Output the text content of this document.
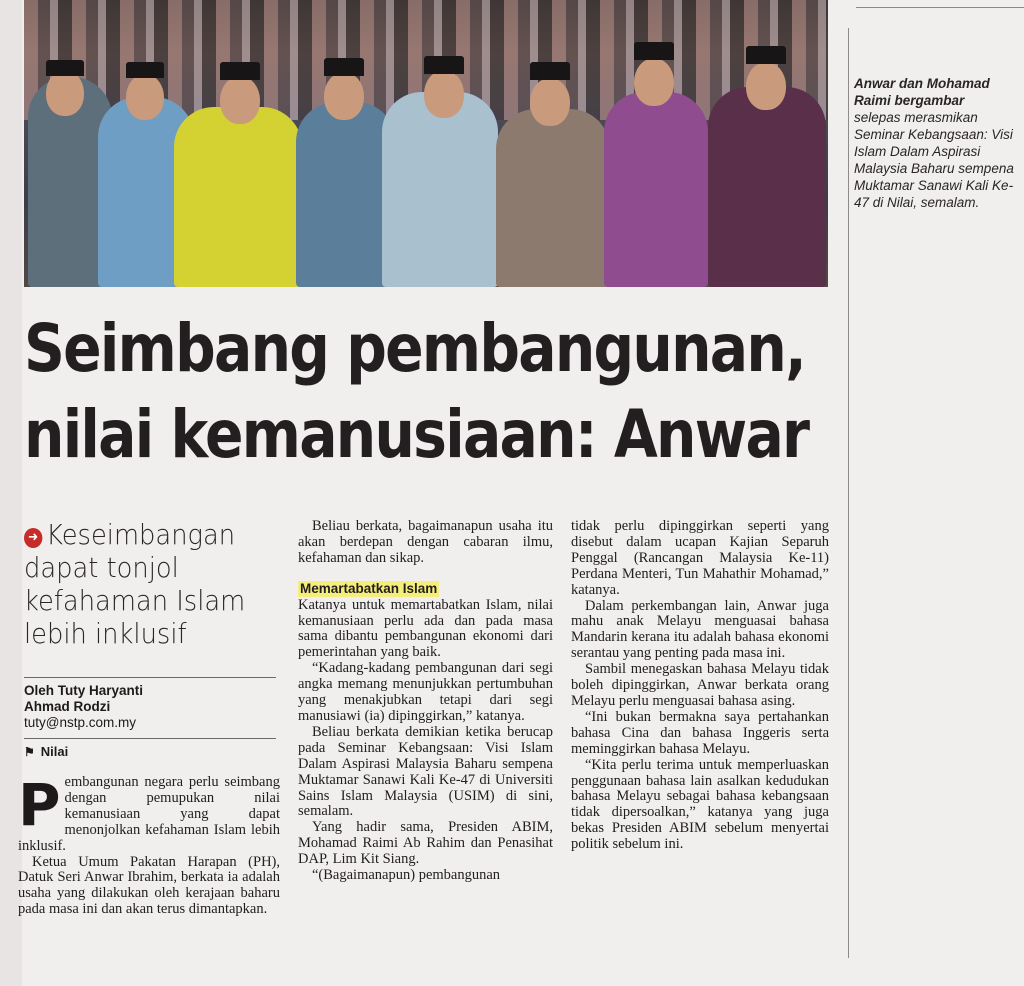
Anwar dan Mohamad Raimi bergambar
selepas merasmikan Seminar Kebangsaan: Visi Islam Dalam Aspirasi Malaysia Baharu sempena Muktamar Sanawi Kali Ke-47 di Nilai, semalam.
Seimbang pembangunan,
nilai kemanusiaan: Anwar
➜ Keseimbangan
dapat tonjol
kefahaman Islam
lebih inklusif
Oleh Tuty Haryanti
Ahmad Rodzi
tuty@nstp.com.my
⚑ Nilai

Pembangunan negara perlu seimbang dengan pemupukan nilai kemanusiaan yang dapat menonjolkan kefahaman Islam lebih inklusif.

Ketua Umum Pakatan Harapan (PH), Datuk Seri Anwar Ibrahim, berkata ia adalah usaha yang dilakukan oleh kerajaan baharu pada masa ini dan akan terus dimantapkan.

Beliau berkata, bagaimanapun usaha itu akan berdepan dengan cabaran ilmu, kefahaman dan sikap.

Memartabatkan Islam

Katanya untuk memartabatkan Islam, nilai kemanusiaan perlu ada dan pada masa sama dibantu pembangunan ekonomi dari pemerintahan yang baik.

“Kadang-kadang pembangunan dari segi angka memang menunjukkan pertumbuhan yang menakjubkan tetapi dari segi manusiawi (ia) dipinggirkan,” katanya.

Beliau berkata demikian ketika berucap pada Seminar Kebangsaan: Visi Islam Dalam Aspirasi Malaysia Baharu sempena Muktamar Sanawi Kali Ke-47 di Universiti Sains Islam Malaysia (USIM) di sini, semalam.

Yang hadir sama, Presiden ABIM, Mohamad Raimi Ab Rahim dan Penasihat DAP, Lim Kit Siang.

“(Bagaimanapun) pembangunan

tidak perlu dipinggirkan seperti yang disebut dalam ucapan Kajian Separuh Penggal (Rancangan Malaysia Ke-11) Perdana Menteri, Tun Mahathir Mohamad,” katanya.

Dalam perkembangan lain, Anwar juga mahu anak Melayu menguasai bahasa Mandarin kerana itu adalah bahasa ekonomi serantau yang penting pada masa ini.

Sambil menegaskan bahasa Melayu tidak boleh dipinggirkan, Anwar berkata orang Melayu perlu menguasai bahasa asing.

“Ini bukan bermakna saya pertahankan bahasa Cina dan bahasa Inggeris serta meminggirkan bahasa Melayu.

“Kita perlu terima untuk memperluaskan penggunaan bahasa lain asalkan kedudukan bahasa Melayu sebagai bahasa kebangsaan tidak dipersoalkan,” katanya yang juga bekas Presiden ABIM sebelum menyertai politik sebelum ini.
